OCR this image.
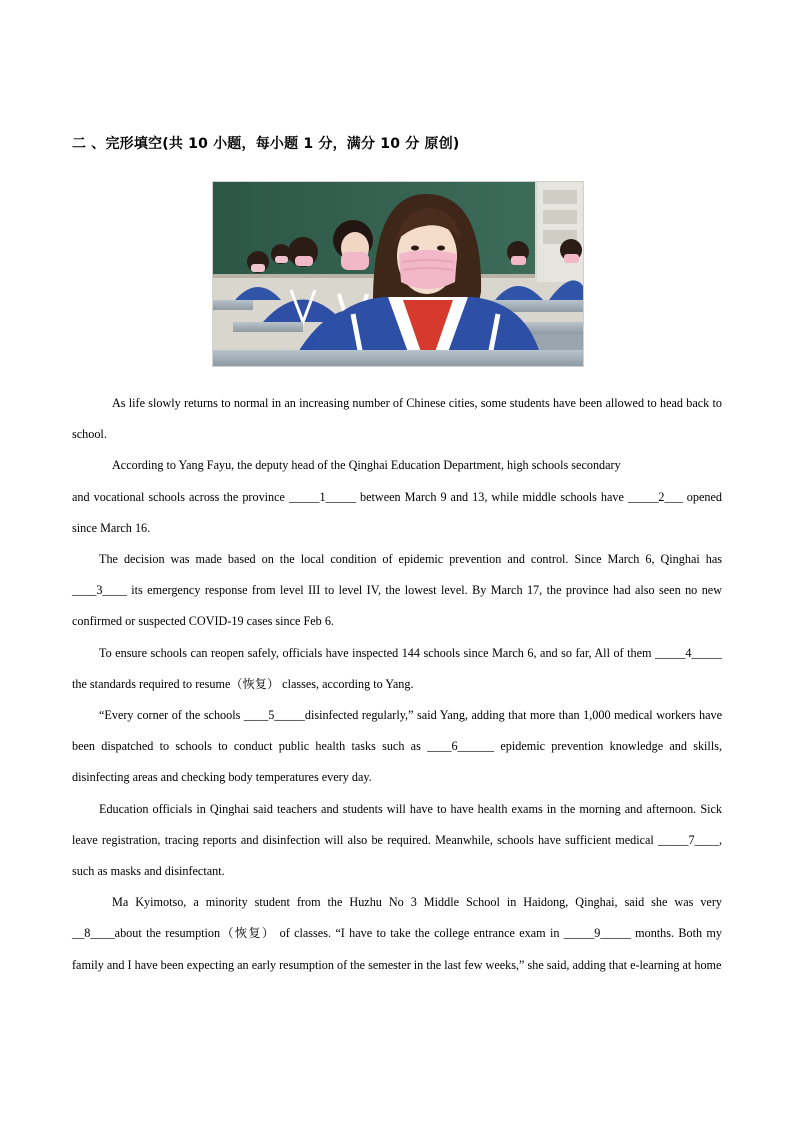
二 、完形填空(共 10 小题，每小题 1 分，满分 10 分 原创)

As life slowly returns to normal in an increasing number of Chinese cities, some students have been allowed to head back to school.

According to Yang Fayu, the deputy head of the Qinghai Education Department, high schools secondary

and vocational schools across the province _____1_____ between March 9 and 13, while middle schools have _____2___ opened since March 16.

The decision was made based on the local condition of epidemic prevention and control. Since March 6, Qinghai has ____3____ its emergency response from level III to level IV, the lowest level. By March 17, the province had also seen no new confirmed or suspected COVID-19 cases since Feb 6.

To ensure schools can reopen safely, officials have inspected 144 schools since March 6, and so far, All of them _____4_____ the standards required to resume（恢复） classes, according to Yang.

“Every corner of the schools ____5_____disinfected regularly,” said Yang, adding that more than 1,000 medical workers have been dispatched to schools to conduct public health tasks such as ____6______ epidemic prevention knowledge and skills, disinfecting areas and checking body temperatures every day.

Education officials in Qinghai said teachers and students will have to have health exams in the morning and afternoon. Sick leave registration, tracing reports and disinfection will also be required. Meanwhile, schools have sufficient medical _____7____, such as masks and disinfectant.

Ma Kyimotso, a minority student from the Huzhu No 3 Middle School in Haidong, Qinghai, said she was very __8____about the resumption（恢复） of classes. “I have to take the college entrance exam in _____9_____ months. Both my family and I have been expecting an early resumption of the semester in the last few weeks,” she said, adding that e-learning at home
